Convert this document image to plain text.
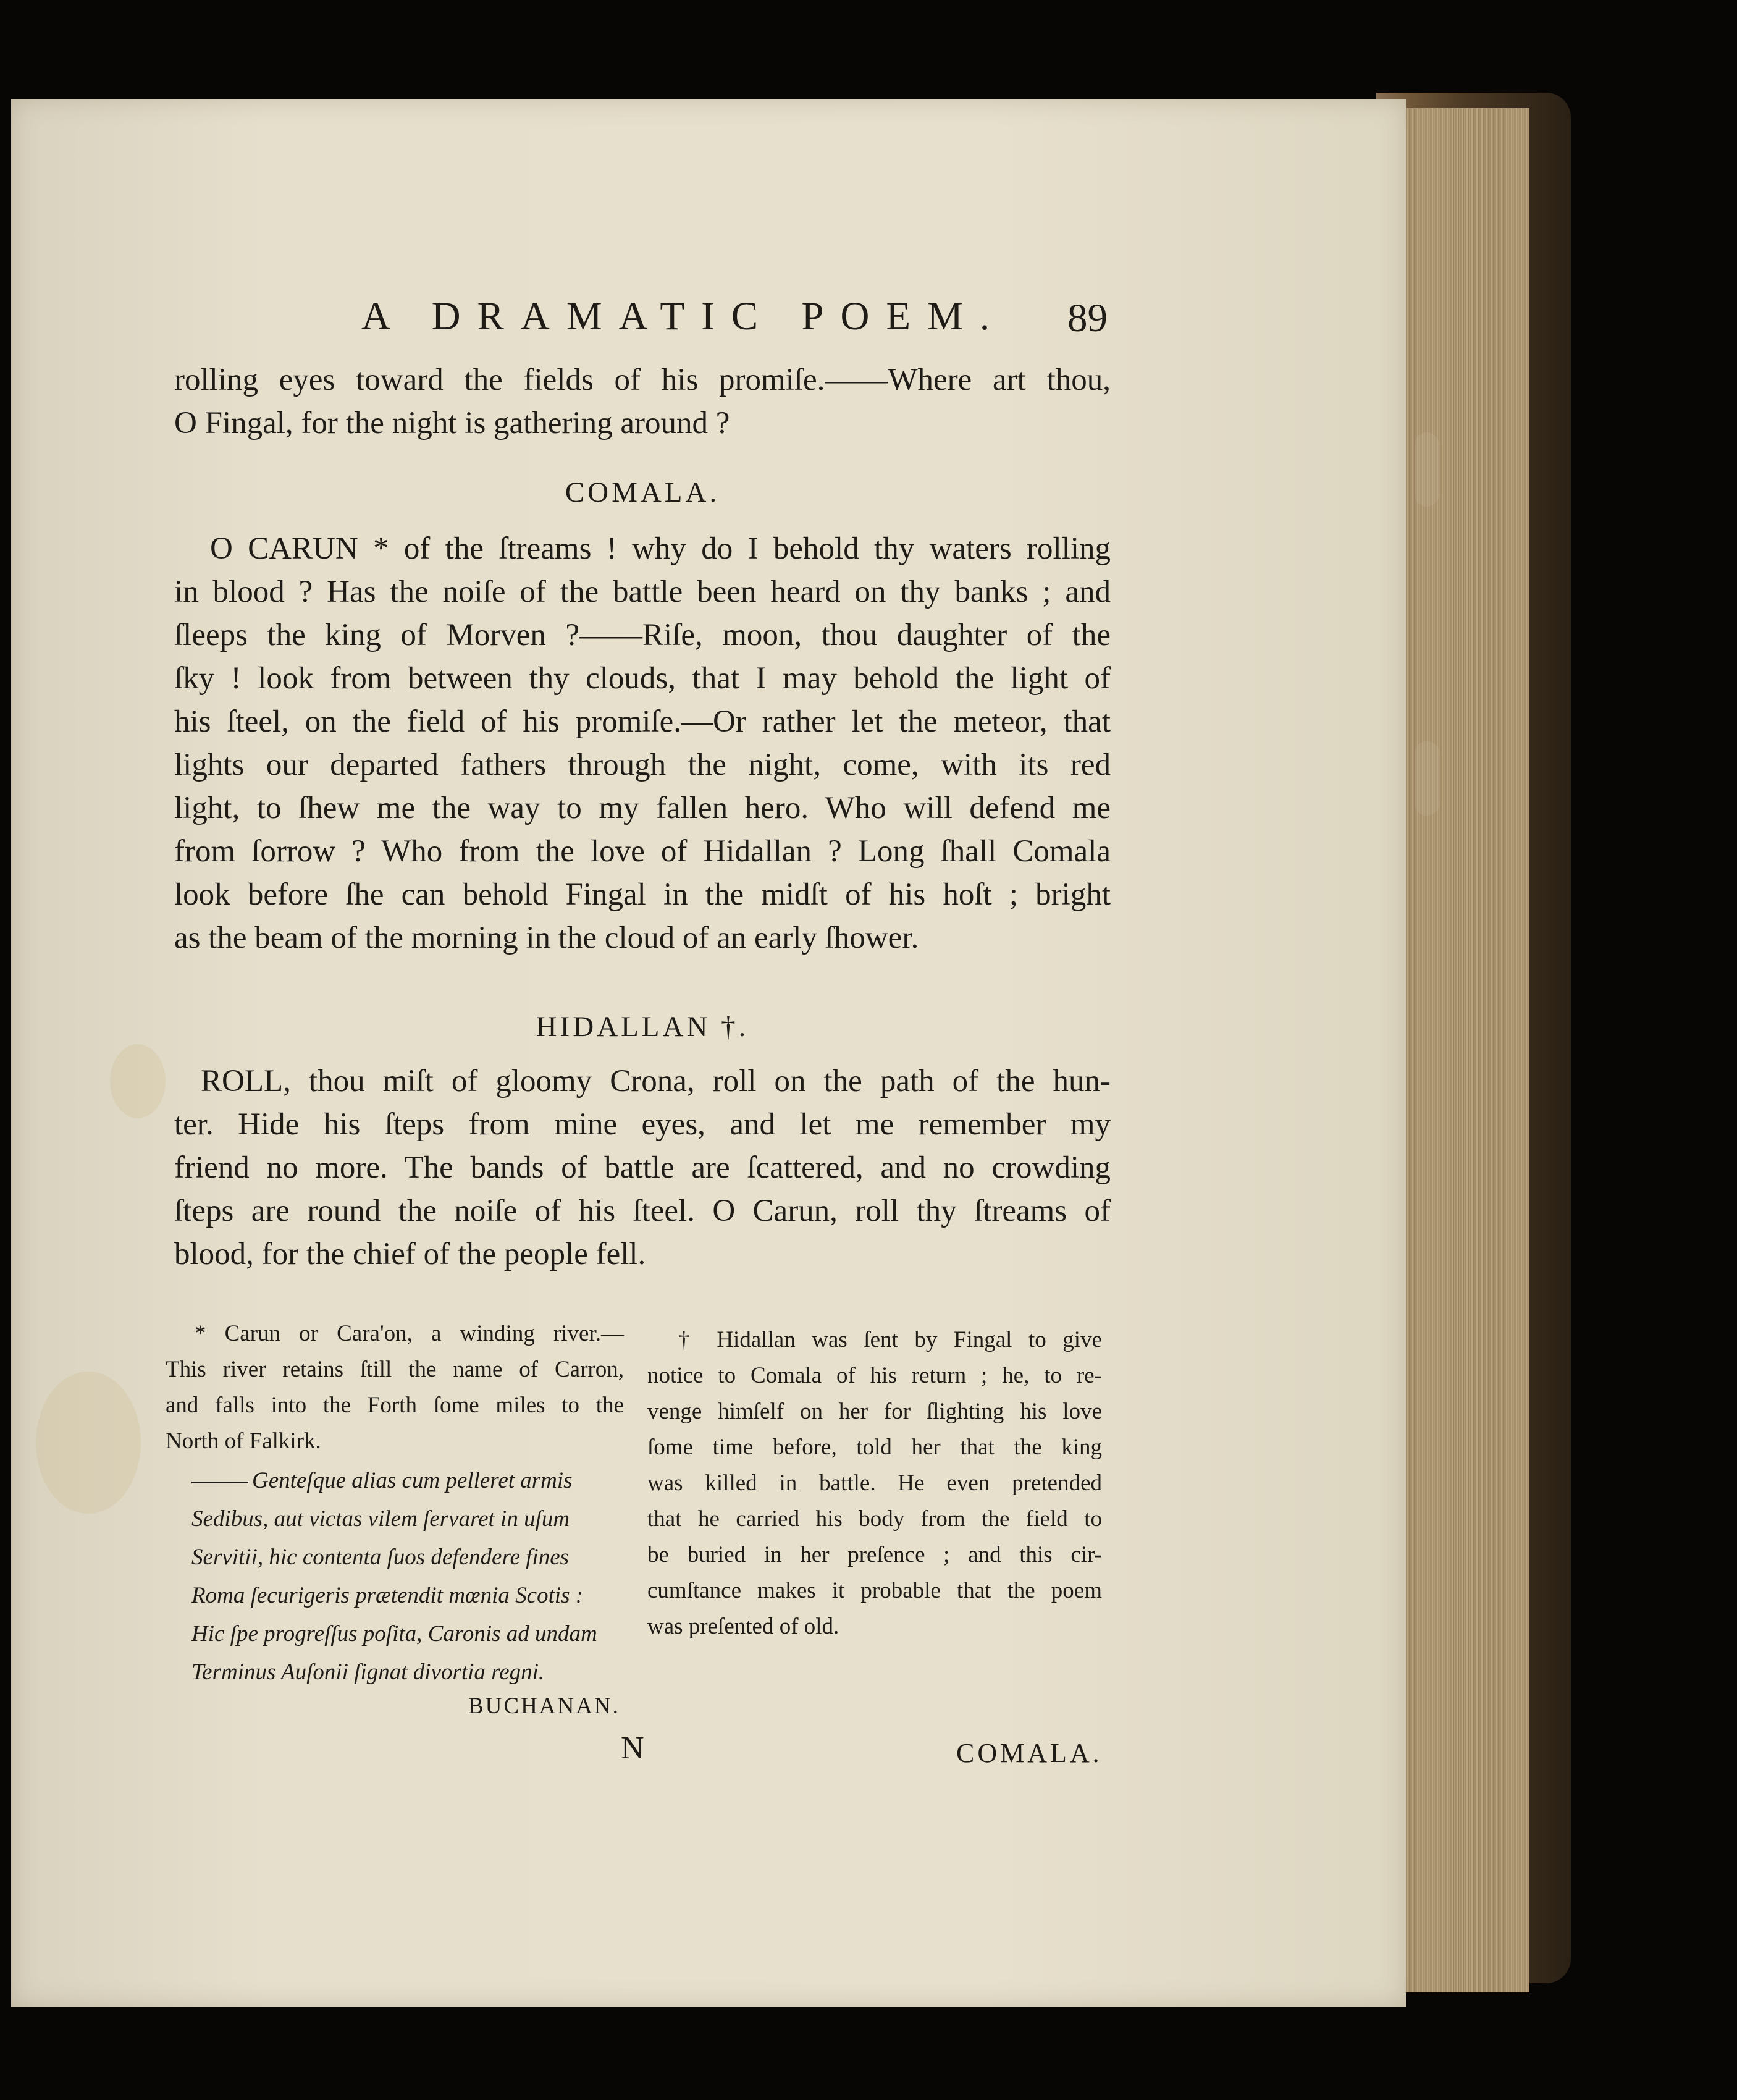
A DRAMATIC POEM. 89
rolling eyes toward the fields of his promiſe.——Where art thou,
O Fingal, for the night is gathering around ?
COMALA.
O CARUN * of the ſtreams ! why do I behold thy waters rolling
in blood ? Has the noiſe of the battle been heard on thy banks ; and
ſleeps the king of Morven ?——Riſe, moon, thou daughter of the
ſky ! look from between thy clouds, that I may behold the light of
his ſteel, on the field of his promiſe.—Or rather let the meteor, that
lights our departed fathers through the night, come, with its red
light, to ſhew me the way to my fallen hero. Who will defend me
from ſorrow ? Who from the love of Hidallan ? Long ſhall Comala
look before ſhe can behold Fingal in the midſt of his hoſt ; bright
as the beam of the morning in the cloud of an early ſhower.
HIDALLAN †.
ROLL, thou miſt of gloomy Crona, roll on the path of the hun-
ter. Hide his ſteps from mine eyes, and let me remember my
friend no more. The bands of battle are ſcattered, and no crowding
ſteps are round the noiſe of his ſteel. O Carun, roll thy ſtreams of
blood, for the chief of the people fell.
* Carun or Cara'on, a winding river.—
This river retains ſtill the name of Carron,
and falls into the Forth ſome miles to the
North of Falkirk.
Genteſque alias cum pelleret armis
Sedibus, aut victas vilem ſervaret in uſum
Servitii, hic contenta ſuos defendere fines
Roma ſecurigeris prætendit mœnia Scotis :
Hic ſpe progreſſus poſita, Caronis ad undam
Terminus Auſonii ſignat divortia regni.
BUCHANAN.
† Hidallan was ſent by Fingal to give
notice to Comala of his return ; he, to re-
venge himſelf on her for ſlighting his love
ſome time before, told her that the king
was killed in battle. He even pretended
that he carried his body from the field to
be buried in her preſence ; and this cir-
cumſtance makes it probable that the poem
was preſented of old.
N	COMALA.
